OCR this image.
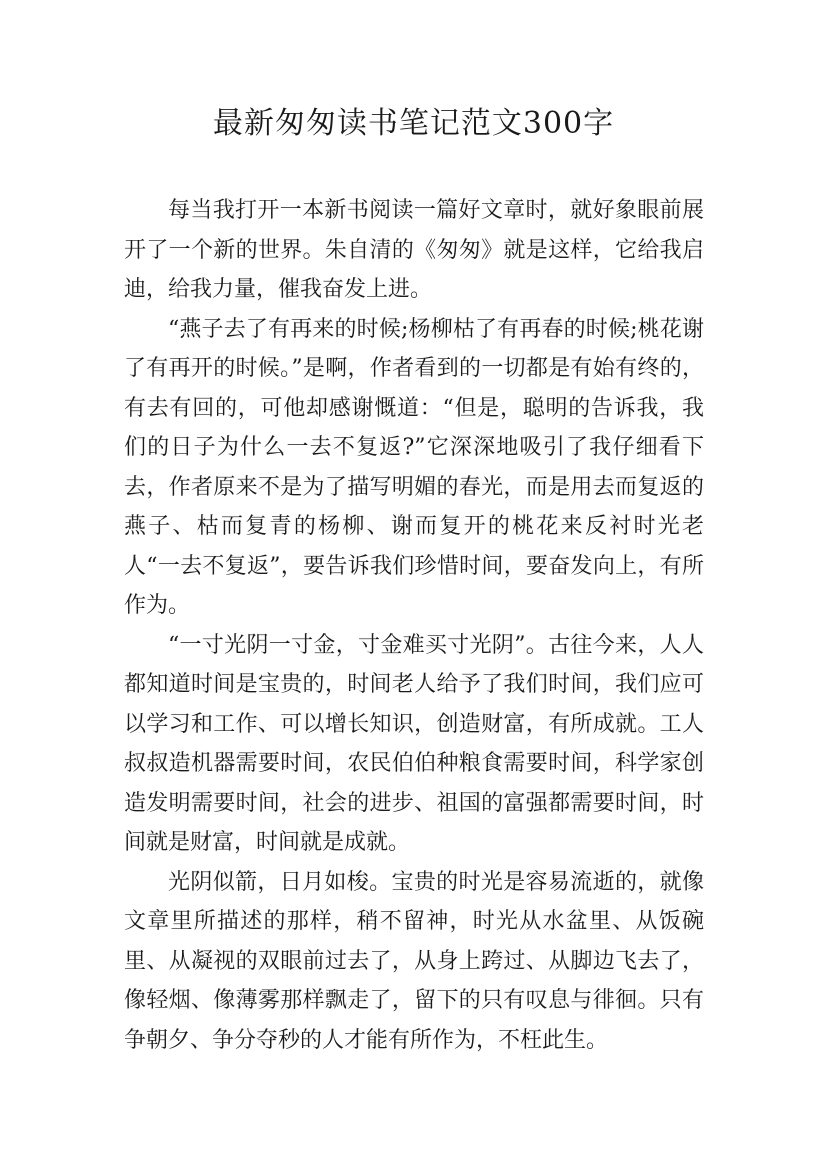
最新匆匆读书笔记范文300字

每当我打开一本新书阅读一篇好文章时，就好象眼前展开了一个新的世界。朱自清的《匆匆》就是这样，它给我启迪，给我力量，催我奋发上进。

“燕子去了有再来的时候;杨柳枯了有再春的时候;桃花谢了有再开的时候。”是啊，作者看到的一切都是有始有终的，有去有回的，可他却感谢慨道：“但是，聪明的告诉我，我们的日子为什么一去不复返?”它深深地吸引了我仔细看下去，作者原来不是为了描写明媚的春光，而是用去而复返的燕子、枯而复青的杨柳、谢而复开的桃花来反衬时光老人“一去不复返”，要告诉我们珍惜时间，要奋发向上，有所作为。

“一寸光阴一寸金，寸金难买寸光阴”。古往今来，人人都知道时间是宝贵的，时间老人给予了我们时间，我们应可以学习和工作、可以增长知识，创造财富，有所成就。工人叔叔造机器需要时间，农民伯伯种粮食需要时间，科学家创造发明需要时间，社会的进步、祖国的富强都需要时间，时间就是财富，时间就是成就。

光阴似箭，日月如梭。宝贵的时光是容易流逝的，就像文章里所描述的那样，稍不留神，时光从水盆里、从饭碗里、从凝视的双眼前过去了，从身上跨过、从脚边飞去了，像轻烟、像薄雾那样飘走了，留下的只有叹息与徘徊。只有争朝夕、争分夺秒的人才能有所作为，不枉此生。
